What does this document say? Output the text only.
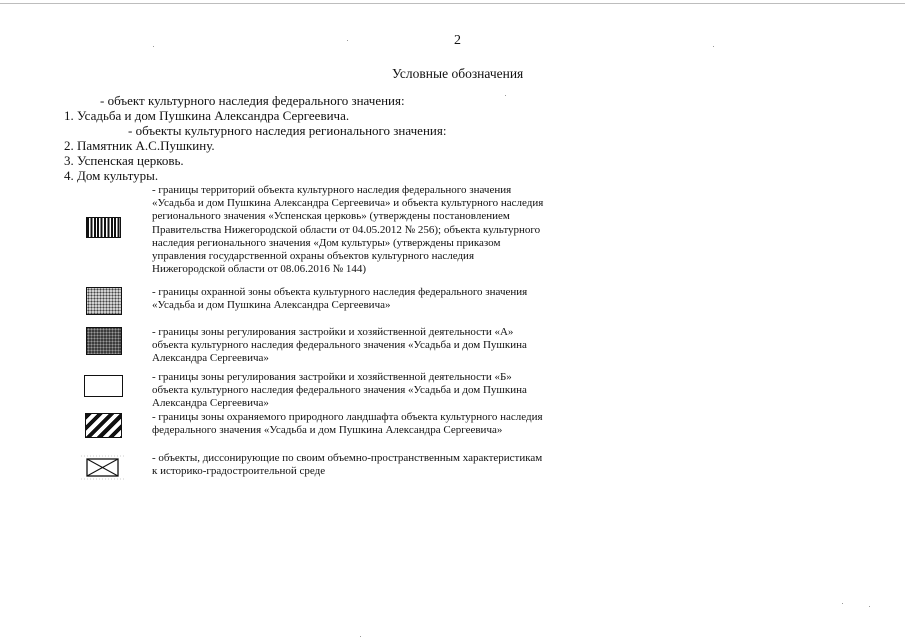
2
Условные обозначения
- объект культурного наследия федерального значения:
1. Усадьба и дом Пушкина Александра Сергеевича.
- объекты культурного наследия регионального значения:
2. Памятник А.С.Пушкину.
3. Успенская церковь.
4. Дом культуры.
- границы территорий объекта культурного наследия федерального значения
«Усадьба и дом Пушкина Александра Сергеевича» и объекта культурного наследия
регионального значения «Успенская церковь» (утверждены постановлением
Правительства Нижегородской области от 04.05.2012 № 256); объекта культурного
наследия регионального значения «Дом культуры» (утверждены приказом
управления государственной охраны объектов культурного наследия
Нижегородской области от 08.06.2016 № 144)
- границы охранной зоны объекта культурного наследия федерального значения
«Усадьба и дом Пушкина Александра Сергеевича»
- границы зоны регулирования застройки и хозяйственной деятельности «А»
объекта культурного наследия федерального значения «Усадьба и дом Пушкина
Александра Сергеевича»
- границы зоны регулирования застройки и хозяйственной деятельности «Б»
объекта культурного наследия федерального значения «Усадьба и дом Пушкина
Александра Сергеевича»
- границы зоны охраняемого природного ландшафта объекта культурного наследия
федерального значения «Усадьба и дом Пушкина Александра Сергеевича»
- объекты, диссонирующие по своим объемно-пространственным характеристикам
к историко-градостроительной среде
